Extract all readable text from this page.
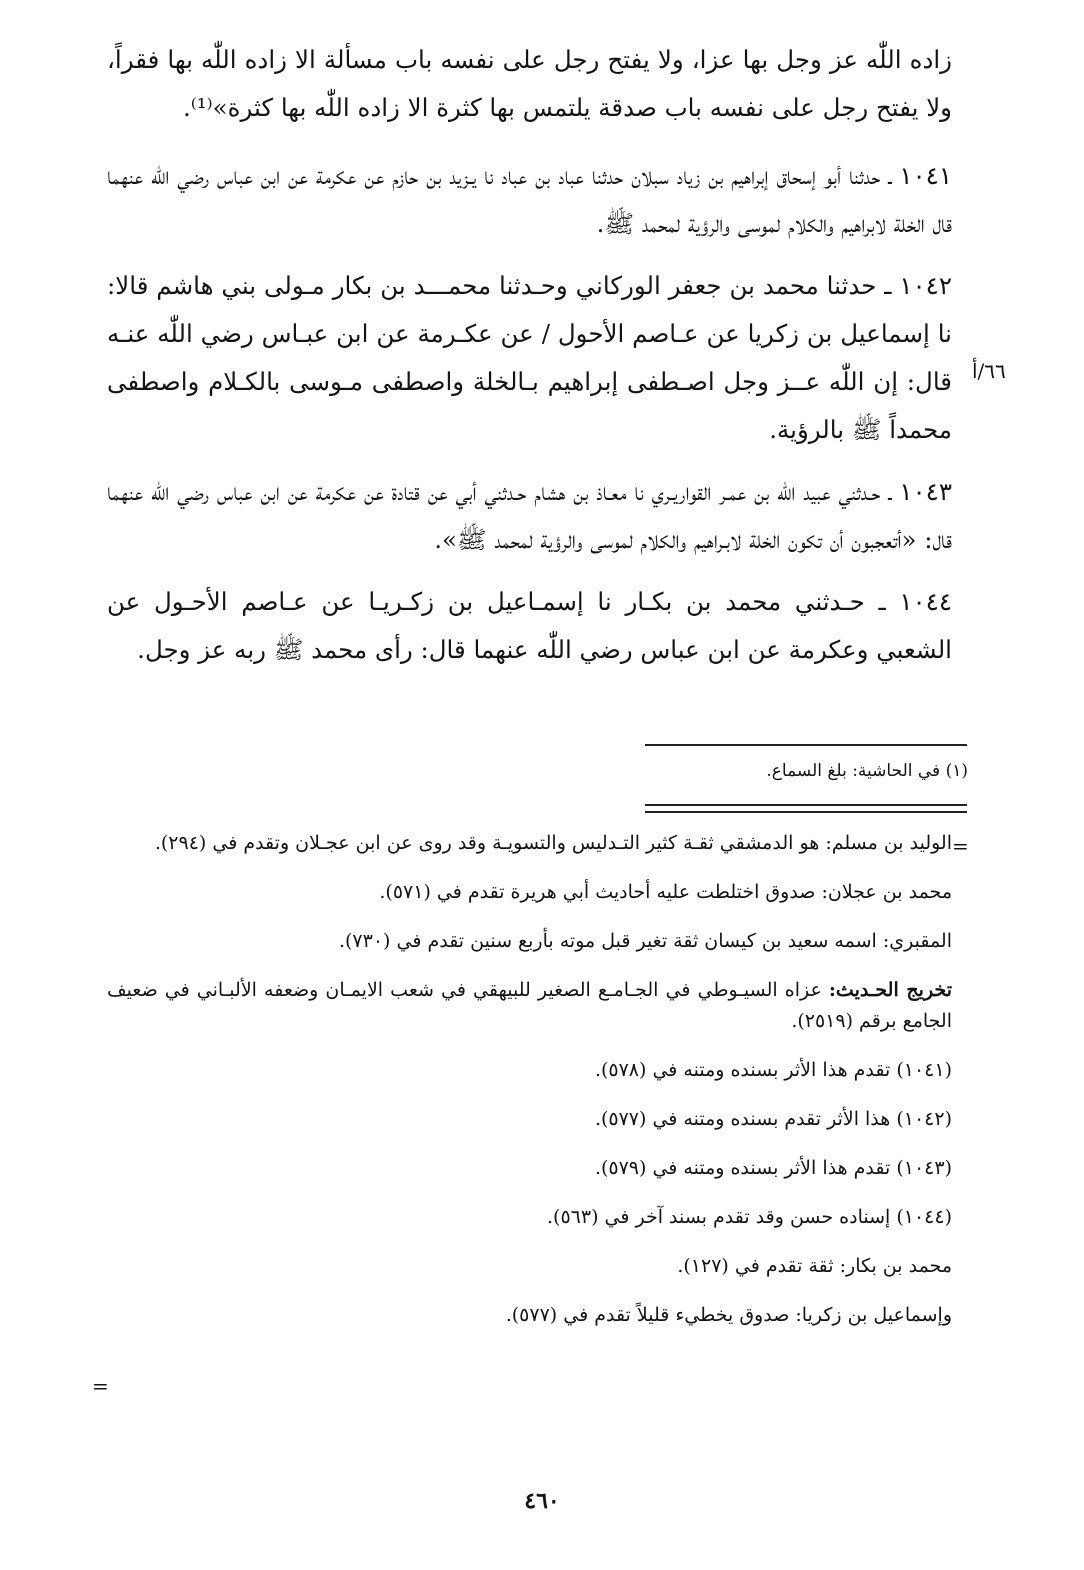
زاده اللّٰه عز وجل بها عزا، ولا يفتح رجل على نفسه باب مسألة الا زاده اللّٰه بها فقراً، ولا يفتح رجل على نفسه باب صدقة يلتمس بها كثرة الا زاده اللّٰه بها كثرة»⁽¹⁾.

١٠٤١ ـ حدثنا أبو إسحاق إبراهيم بن زياد سبلان حدثنا عباد بن عباد نا يـزيد بن حازم عن عكرمة عن ابن عباس رضي اللّٰه عنهما قال الخلة لابراهيم والكلام لموسى والرؤية لمحمد ﷺ.

١٠٤٢ ـ حدثنا محمد بن جعفر الوركاني وحـدثنا محمـــد بن بكار مـولى بني هاشم قالا: نا إسماعيل بن زكريا عن عـاصم الأحول / عن عكـرمة عن ابن عبـاس رضي اللّٰه عنـه قال: إن اللّٰه عــز وجل اصـطفى إبراهيم بـالخلة واصطفى مـوسى بالكـلام واصطفى محمداً ﷺ بالرؤية.

١٠٤٣ ـ حـدثني عبيد اللّٰه بن عمـر القواريـري نا معـاذ بن هشام حـدثني أبي عن قتادة عن عكرمة عن ابن عباس رضي اللّٰه عنهما قال: «أتعجبون أن تكون الخلة لابـراهيم والكلام لموسى والرؤية لمحمد ﷺ».

١٠٤٤ ـ حـدثني محمد بن بكـار نا إسمـاعيل بن زكـريـا عن عـاصم الأحـول عن الشعبي وعكرمة عن ابن عباس رضي اللّٰه عنهما قال: رأى محمد ﷺ ربه عز وجل.

٦٦/أ
(١) في الحاشية: بلغ السماع.
=

الوليد بن مسلم: هو الدمشقي ثقـة كثير التـدليس والتسويـة وقد روى عن ابن عجـلان وتقدم في (٢٩٤).

محمد بن عجلان: صدوق اختلطت عليه أحاديث أبي هريرة تقدم في (٥٧١).

المقبري: اسمه سعيد بن كيسان ثقة تغير قبل موته بأربع سنين تقدم في (٧٣٠).

تخريج الحـديث: عزاه السيـوطي في الجـامـع الصغير للبيهقي في شعب الايمـان وضعفه الألبـاني في ضعيف الجامع برقم (٢٥١٩).

(١٠٤١) تقدم هذا الأثر بسنده ومتنه في (٥٧٨).

(١٠٤٢) هذا الأثر تقدم بسنده ومتنه في (٥٧٧).

(١٠٤٣) تقدم هذا الأثر بسنده ومتنه في (٥٧٩).

(١٠٤٤) إسناده حسن وقد تقدم بسند آخر في (٥٦٣).

محمد بن بكار: ثقة تقدم في (١٢٧).

وإسماعيل بن زكريا: صدوق يخطيء قليلاً تقدم في (٥٧٧).

=
٤٦٠
